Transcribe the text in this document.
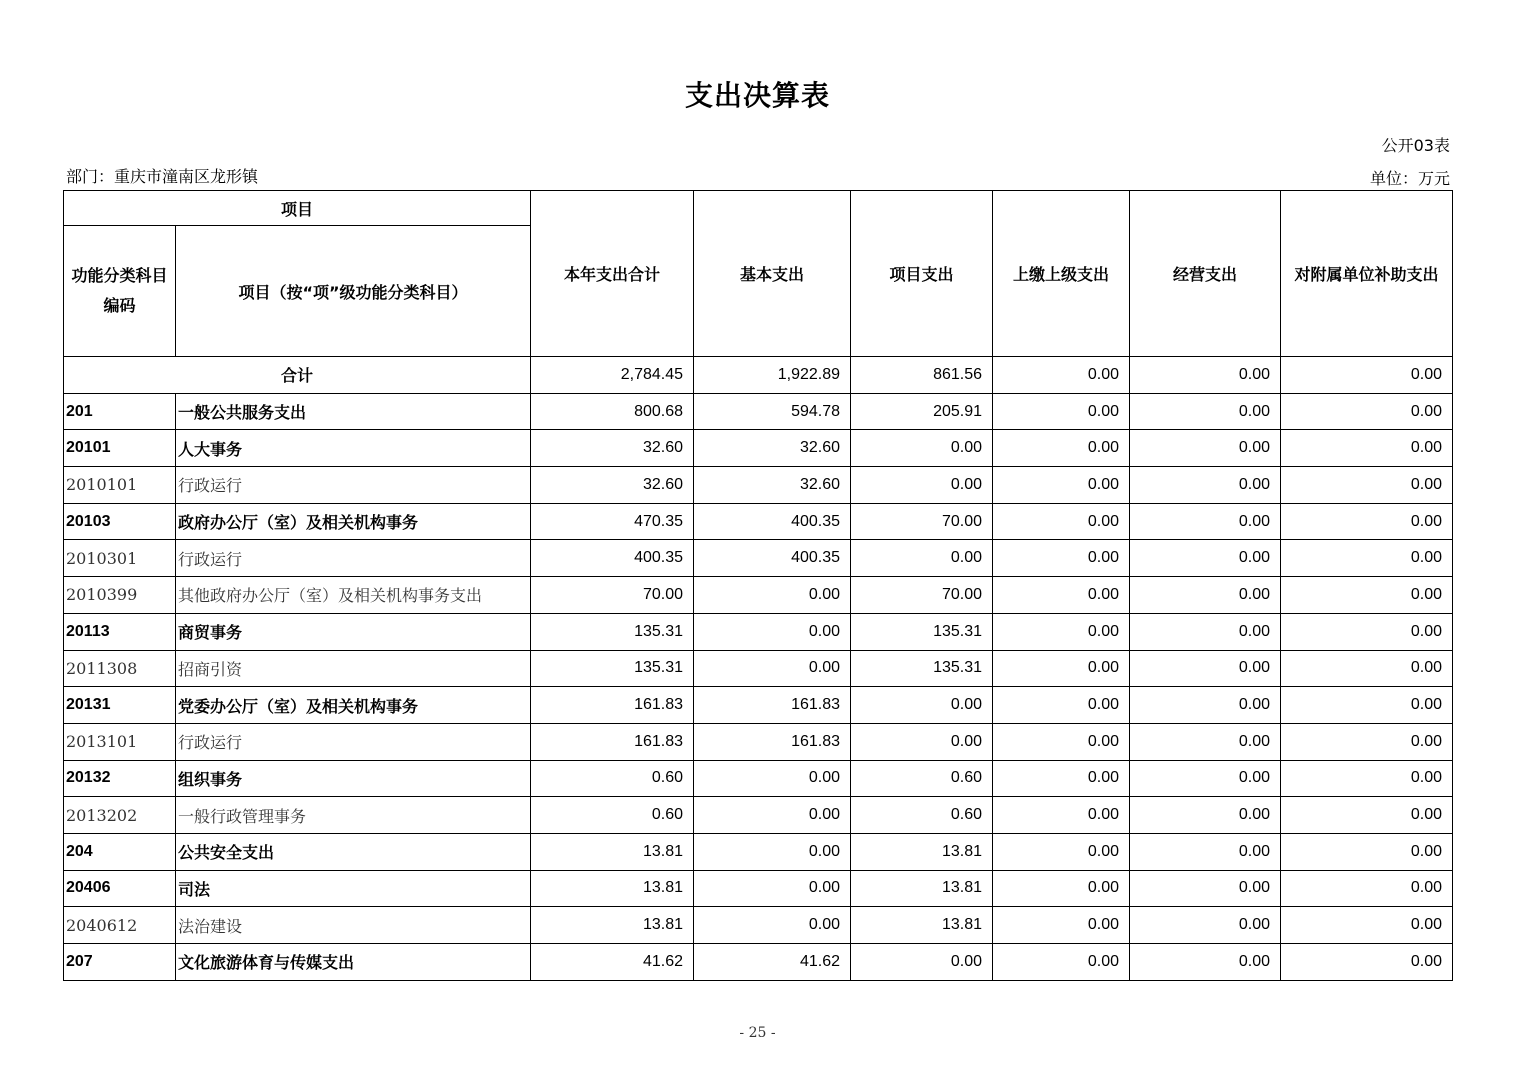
支出决算表
公开03表
部门：重庆市潼南区龙形镇	单位：万元
项目		本年支出合计	基本支出	项目支出	上缴上级支出	经营支出	对附属单位补助支出
功能分类科目编码	项目（按“项”级功能分类科目）						
合计		2,784.45	1,922.89	861.56	0.00	0.00	0.00
201	一般公共服务支出	800.68	594.78	205.91	0.00	0.00	0.00
20101	人大事务	32.60	32.60	0.00	0.00	0.00	0.00
2010101	行政运行	32.60	32.60	0.00	0.00	0.00	0.00
20103	政府办公厅（室）及相关机构事务	470.35	400.35	70.00	0.00	0.00	0.00
2010301	行政运行	400.35	400.35	0.00	0.00	0.00	0.00
2010399	其他政府办公厅（室）及相关机构事务支出	70.00	0.00	70.00	0.00	0.00	0.00
20113	商贸事务	135.31	0.00	135.31	0.00	0.00	0.00
2011308	招商引资	135.31	0.00	135.31	0.00	0.00	0.00
20131	党委办公厅（室）及相关机构事务	161.83	161.83	0.00	0.00	0.00	0.00
2013101	行政运行	161.83	161.83	0.00	0.00	0.00	0.00
20132	组织事务	0.60	0.00	0.60	0.00	0.00	0.00
2013202	一般行政管理事务	0.60	0.00	0.60	0.00	0.00	0.00
204	公共安全支出	13.81	0.00	13.81	0.00	0.00	0.00
20406	司法	13.81	0.00	13.81	0.00	0.00	0.00
2040612	法治建设	13.81	0.00	13.81	0.00	0.00	0.00
207	文化旅游体育与传媒支出	41.62	41.62	0.00	0.00	0.00	0.00
- 25 -
